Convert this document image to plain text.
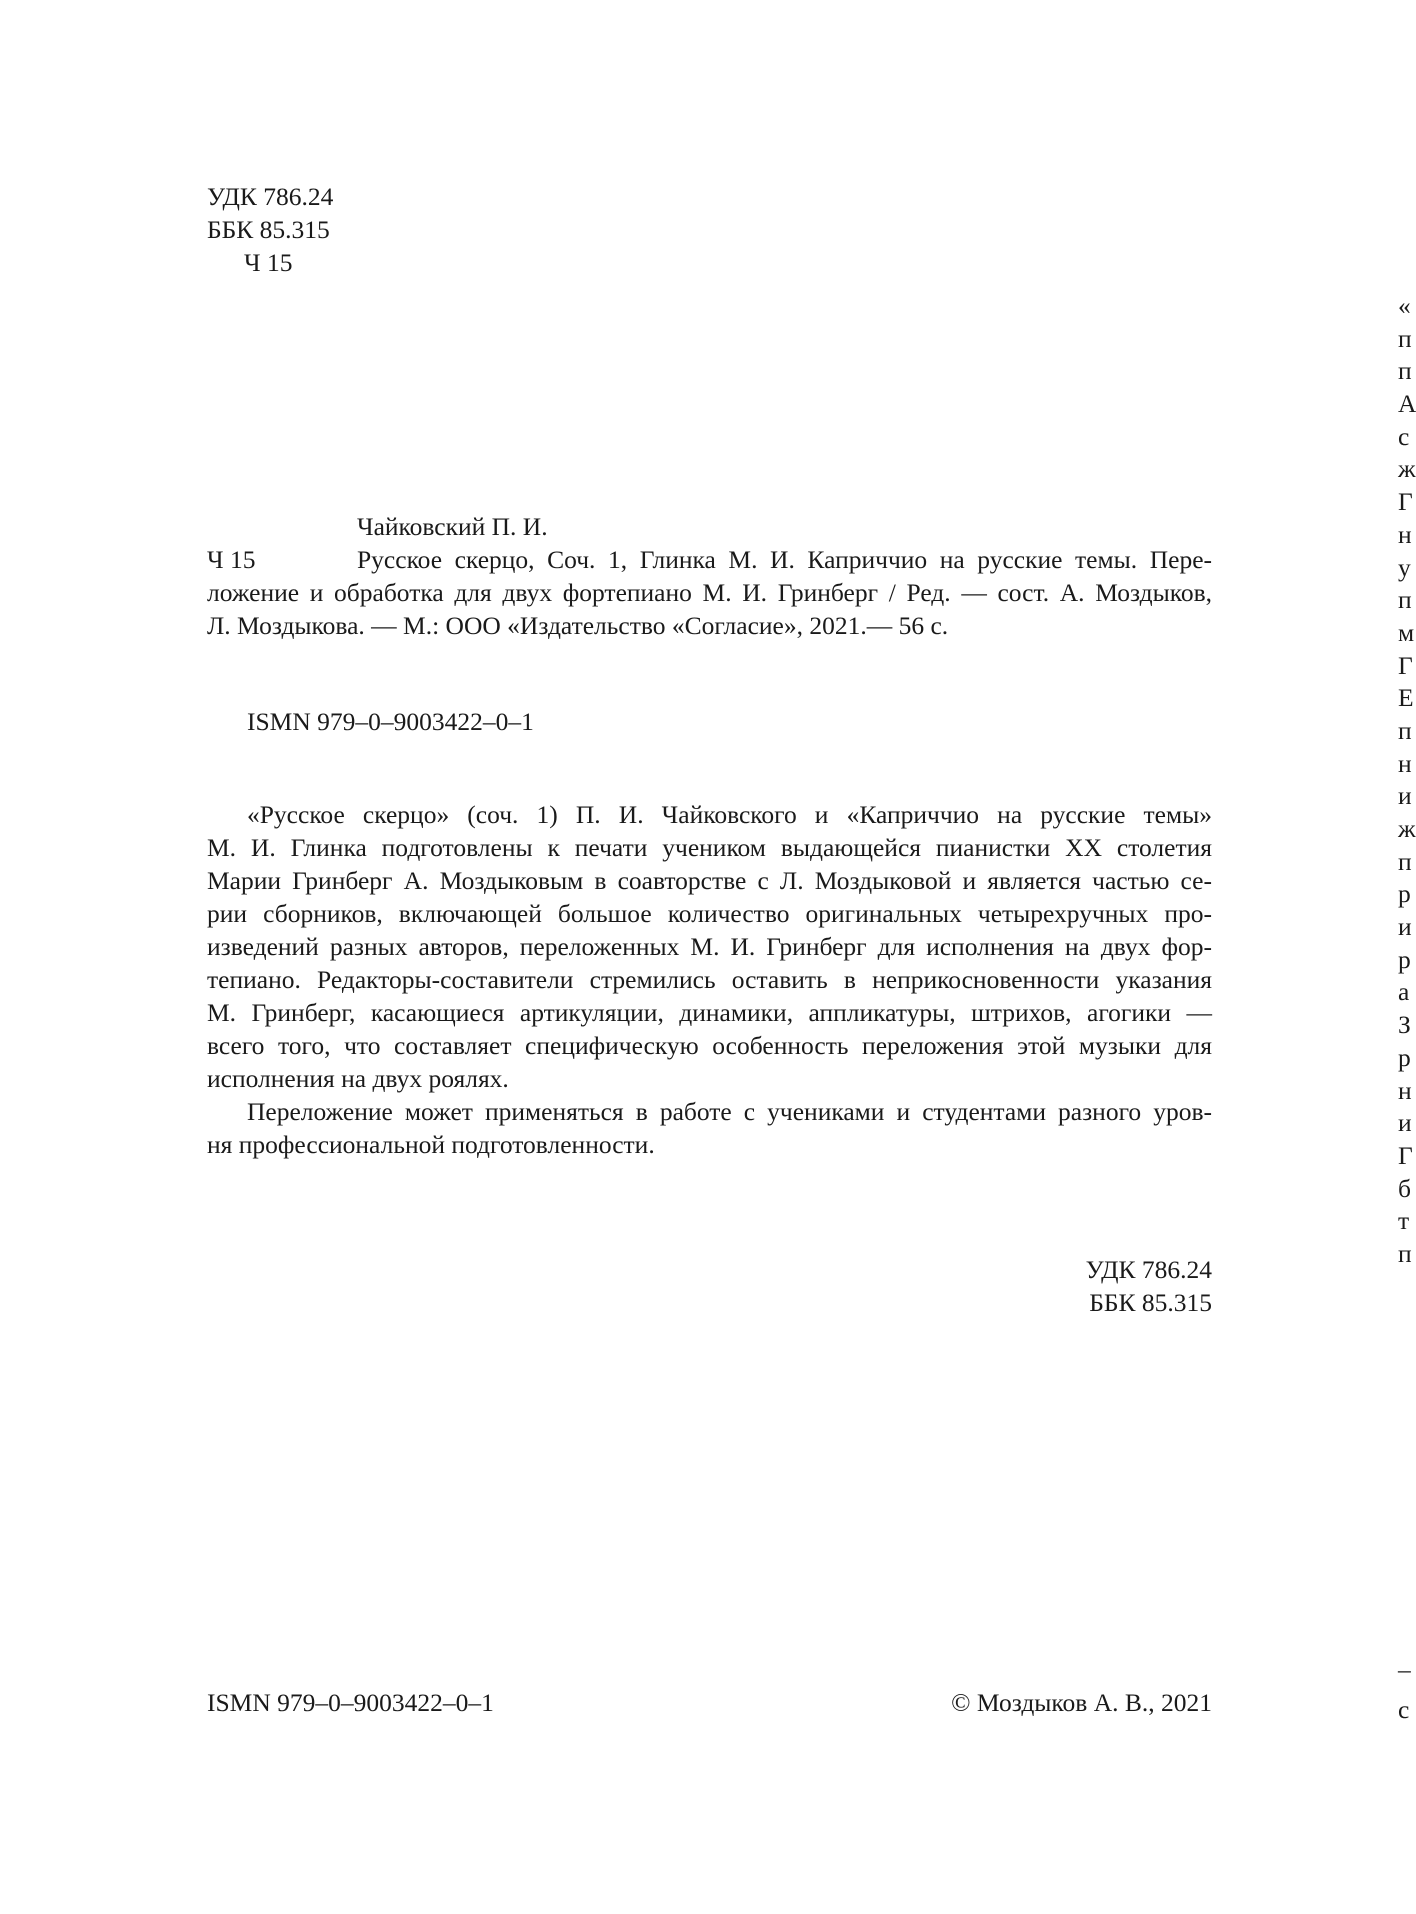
УДК 786.24
ББК 85.315
Ч 15
Чайковский П. И.
Ч 15	Русское скерцо, Соч. 1, Глинка М. И. Каприччио на русские темы. Пере-
ложение и обработка для двух фортепиано М. И. Гринберг / Ред. — сост. А. Моздыков,
Л. Моздыкова. — М.: ООО «Издательство «Согласие», 2021.— 56 с.
ISMN 979–0–9003422–0–1
«Русское скерцо» (соч. 1) П. И. Чайковского и «Каприччио на русские темы»
М. И. Глинка подготовлены к печати учеником выдающейся пианистки XX столетия
Марии Гринберг А. Моздыковым в соавторстве с Л. Моздыковой и является частью се-
рии сборников, включающей большое количество оригинальных четырехручных про-
изведений разных авторов, переложенных М. И. Гринберг для исполнения на двух фор-
тепиано. Редакторы-составители стремились оставить в неприкосновенности указания
М. Гринберг, касающиеся артикуляции, динамики, аппликатуры, штрихов, агогики —
всего того, что составляет специфическую особенность переложения этой музыки для
исполнения на двух роялях.
Переложение может применяться в работе с учениками и студентами разного уров-
ня профессиональной подготовленности.
УДК 786.24
ББК 85.315
ISMN 979–0–9003422–0–1	© Моздыков А. В., 2021
«
п
п
А
с
ж
Г
н
у
п
м
Г
Е
п
н
и
ж
п
р
и
р
а
З
р
н
и
Г
б
т
п
–
с
